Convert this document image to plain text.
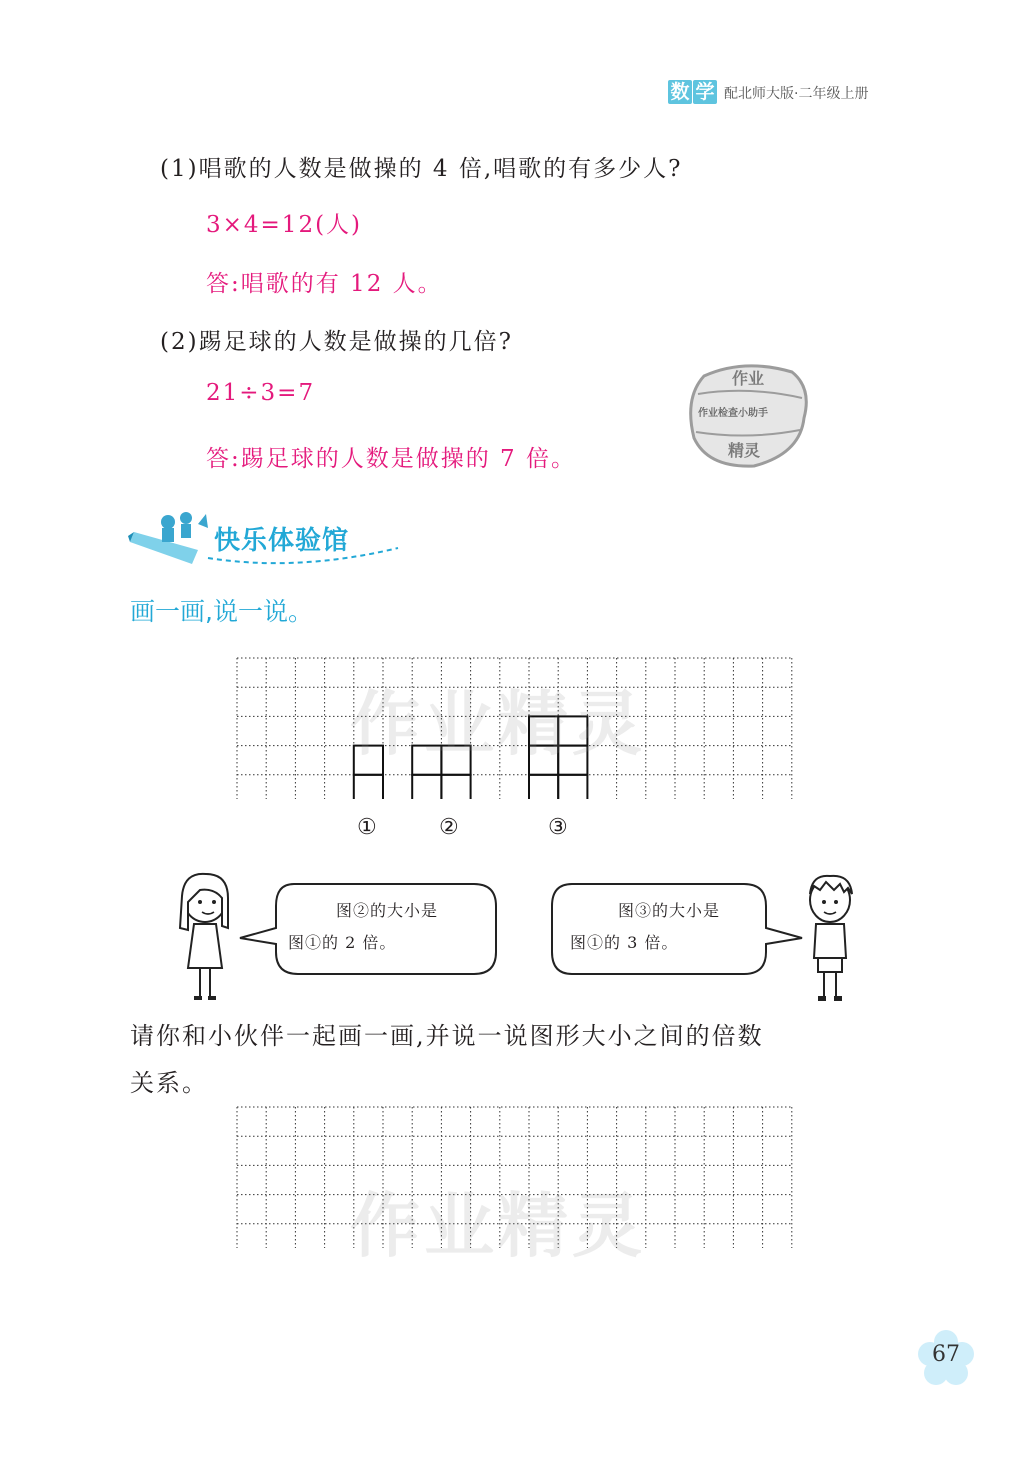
数 学 配北师大版·二年级上册
(1)唱歌的人数是做操的 4 倍,唱歌的有多少人?
3×4=12(人)
答:唱歌的有 12 人。
(2)踢足球的人数是做操的几倍?
21÷3=7
答:踢足球的人数是做操的 7 倍。
作业
作业检查小助手
精灵
快乐体验馆
画一画,说一说。
①	②	③
图②的大小是
图①的 2 倍。
图③的大小是
图①的 3 倍。
请你和小伙伴一起画一画,并说一说图形大小之间的倍数
关系。
作业精灵
作业精灵
67
